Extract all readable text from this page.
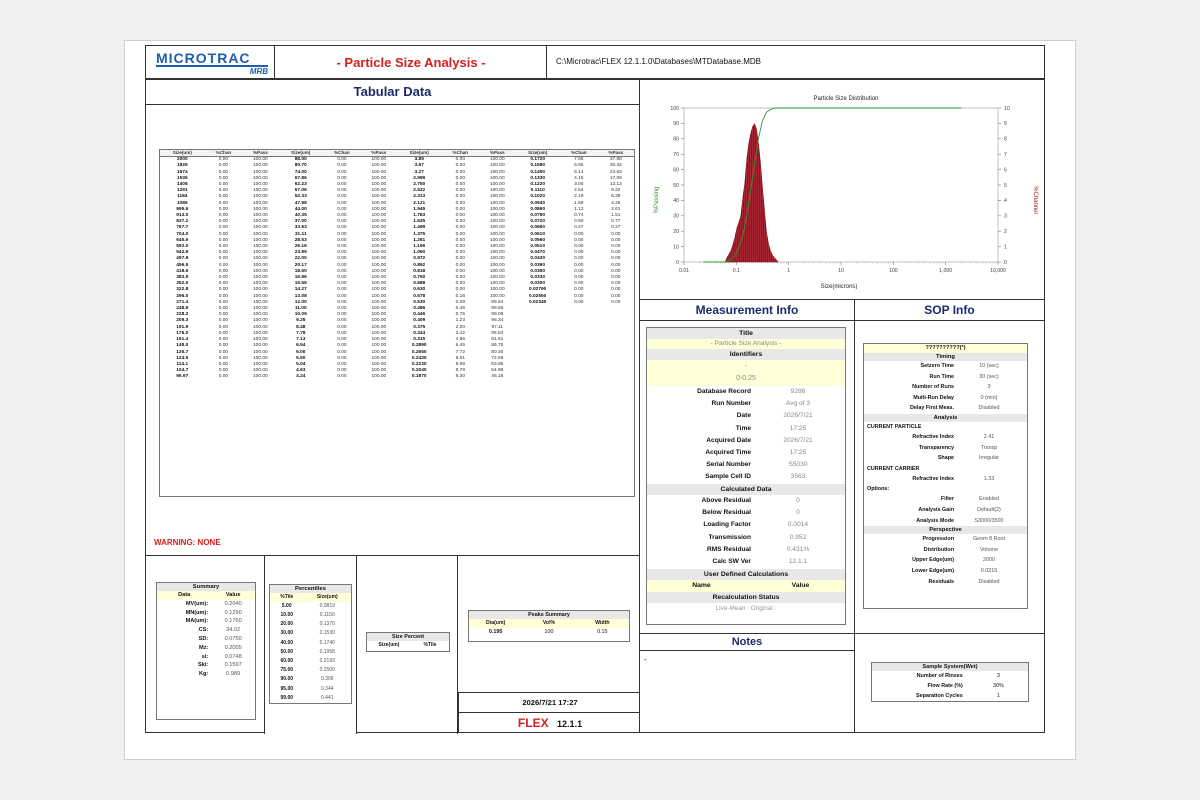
MICROTRAC
MRB
- Particle Size Analysis -	C:\Microtrac\FLEX 12.1.1.0\Databases\MTDatabase.MDB
Tabular Data
Size(um)	%Chan	%Pass	Size(um)	%Chan	%Pass	Size(um)	%Chan	%Pass	Size(um)	%Chan	%Pass
2000	0.00	100.00	88.00	0.00	100.00	3.89	0.00	100.00	0.1720	7.65	37.88
1826	0.00	100.00	80.70	0.00	100.00	3.57	0.00	100.00	0.1580	6.65	30.32
1674	0.00	100.00	74.00	0.00	100.00	3.27	0.00	100.00	0.1450	5.14	23.63
1535	0.00	100.00	67.86	0.00	100.00	2.999	0.00	100.00	0.1330	4.16	17.09
1408	0.00	100.00	62.23	0.00	100.00	2.750	0.00	100.00	0.1220	3.00	13.13
1291	0.00	100.00	57.06	0.00	100.00	2.522	0.00	100.00	0.1110	2.54	9.22
1184	0.00	100.00	52.33	0.00	100.00	2.313	0.00	100.00	0.1020	2.19	6.39
1086	0.00	100.00	47.98	0.00	100.00	2.121	0.00	100.00	0.0940	1.59	4.28
995.6	0.00	100.00	44.00	0.00	100.00	1.945	0.00	100.00	0.0860	1.13	2.61
913.0	0.00	100.00	40.35	0.00	100.00	1.783	0.00	100.00	0.0790	0.74	1.51
837.2	0.00	100.00	37.00	0.00	100.00	1.635	0.00	100.00	0.0720	0.50	0.77
767.7	0.00	100.00	33.93	0.00	100.00	1.499	0.00	100.00	0.0660	0.27	0.27
704.0	0.00	100.00	31.11	0.00	100.00	1.375	0.00	100.00	0.0610	0.00	0.00
645.6	0.00	100.00	28.53	0.00	100.00	1.261	0.00	100.00	0.0560	0.00	0.00
592.0	0.00	100.00	26.16	0.00	100.00	1.156	0.00	100.00	0.0510	0.00	0.00
542.9	0.00	100.00	23.99	0.00	100.00	1.060	0.00	100.00	0.0470	0.00	0.00
497.8	0.00	100.00	22.00	0.00	100.00	0.972	0.00	100.00	0.0430	0.00	0.00
456.5	0.00	100.00	20.17	0.00	100.00	0.892	0.00	100.00	0.0390	0.00	0.00
418.6	0.00	100.00	18.50	0.00	100.00	0.818	0.00	100.00	0.0360	0.00	0.00
383.9	0.00	100.00	16.96	0.00	100.00	0.750	0.00	100.00	0.0330	0.00	0.00
352.0	0.00	100.00	15.56	0.00	100.00	0.688	0.00	100.00	0.0300	0.00	0.00
322.8	0.00	100.00	14.27	0.00	100.00	0.630	0.00	100.00	0.02790	0.00	0.00
296.0	0.00	100.00	13.08	0.00	100.00	0.578	0.16	100.00	0.02550	0.00	0.00
271.4	0.00	100.00	12.00	0.00	100.00	0.530	0.29	99.84	0.02340	0.00	0.00
248.9	0.00	100.00	11.00	0.00	100.00	0.486	0.46	99.55			
228.2	0.00	100.00	10.09	0.00	100.00	0.446	0.75	99.09			
209.3	0.00	100.00	9.25	0.00	100.00	0.409	1.23	98.34			
191.9	0.00	100.00	8.48	0.00	100.00	0.375	2.00	97.11			
176.0	0.00	100.00	7.78	0.00	100.00	0.344	3.42	95.83			
161.4	0.00	100.00	7.13	0.00	100.00	0.315	4.86	91.61			
148.0	0.00	100.00	6.54	0.00	100.00	0.2890	6.45	86.75			
135.7	0.00	100.00	6.00	0.00	100.00	0.2650	7.72	80.30			
124.5	0.00	100.00	5.50	0.00	100.00	0.2430	8.61	72.58			
114.1	0.00	100.00	5.04	0.00	100.00	0.2230	8.99	63.95			
104.7	0.00	100.00	4.63	0.00	100.00	0.2040	8.78	54.96			
95.97	0.00	100.00	4.24	0.00	100.00	0.1870	8.30	46.18			
WARNING: NONE
Particle Size Distribution
%Passing	%Channel
Size(microns)
0.01	0.1	1	10	100	1,000	10,000
0
10
20
30
40
50
60
70
80
90
100
0
1
2
3
4
5
6
7
8
9
10
Measurement Info
Title
- Particle Size Analysis -
Identifiers
-
0-0.25
Database Record	9286
Run Number	Avg of 3
Date	2026/7/21
Time	17:25
Acquired Date	2026/7/21
Acquired Time	17:25
Serial Number	S5030
Sample Cell ID	3563
Calculated Data
Above Residual	0
Below Residual	0
Loading Factor	0.0014
Transmission	0.952
RMS Residual	0.431%
Calc SW Ver	12.1.1
User Defined Calculations
Name	Value
Recalculation Status
Live-Mean : Original :
SOP Info
??????????(*)
Timing
Setzero Time	10 (sec)
Run Time	30 (sec)
Number of Runs	3
Multi-Run Delay	0 (min)
Delay First Meas.	Disabled
Analysis
CURRENT PARTICLE
Refractive Index	2.41
Transparency	Transp
Shape	Irregular
CURRENT CARRIER
Refractive Index	1.33
Options:
Filter	Enabled
Analysis Gain	Default(2)
Analysis Mode	S3000/3500
Perspective
Progression	Geom 8 Root
Distribution	Volume
Upper Edge(um)	2000
Lower Edge(um)	0.0215
Residuals	Disabled
Summary
Data	Value
MV(um):	0.2040
MN(um):	0.1290
MA(um):	0.1760
CS:	34.02
SD:	0.0750
Mz:	0.2005
si:	0.0748
Ski:	0.1597
Kg:	0.989
Percentiles
%Tile	Size(um)
5.00	0.0819
10.00	0.1150
20.00	0.1370
30.00	0.1530
40.00	0.1740
50.00	0.1958
60.00	0.2193
75.00	0.2500
90.00	0.306
95.00	0.344
99.00	0.441
Size Percent
Size(um)	%Tile
Peaks Summary
Dia(um)	Vol%	Width
0.195	100	0.15
2026/7/21 17:27
FLEX 12.1.1
Notes
-
Sample System(Wet)
Number of Rinses	3
Flow Rate (%)	30%
Separation Cycles	1
